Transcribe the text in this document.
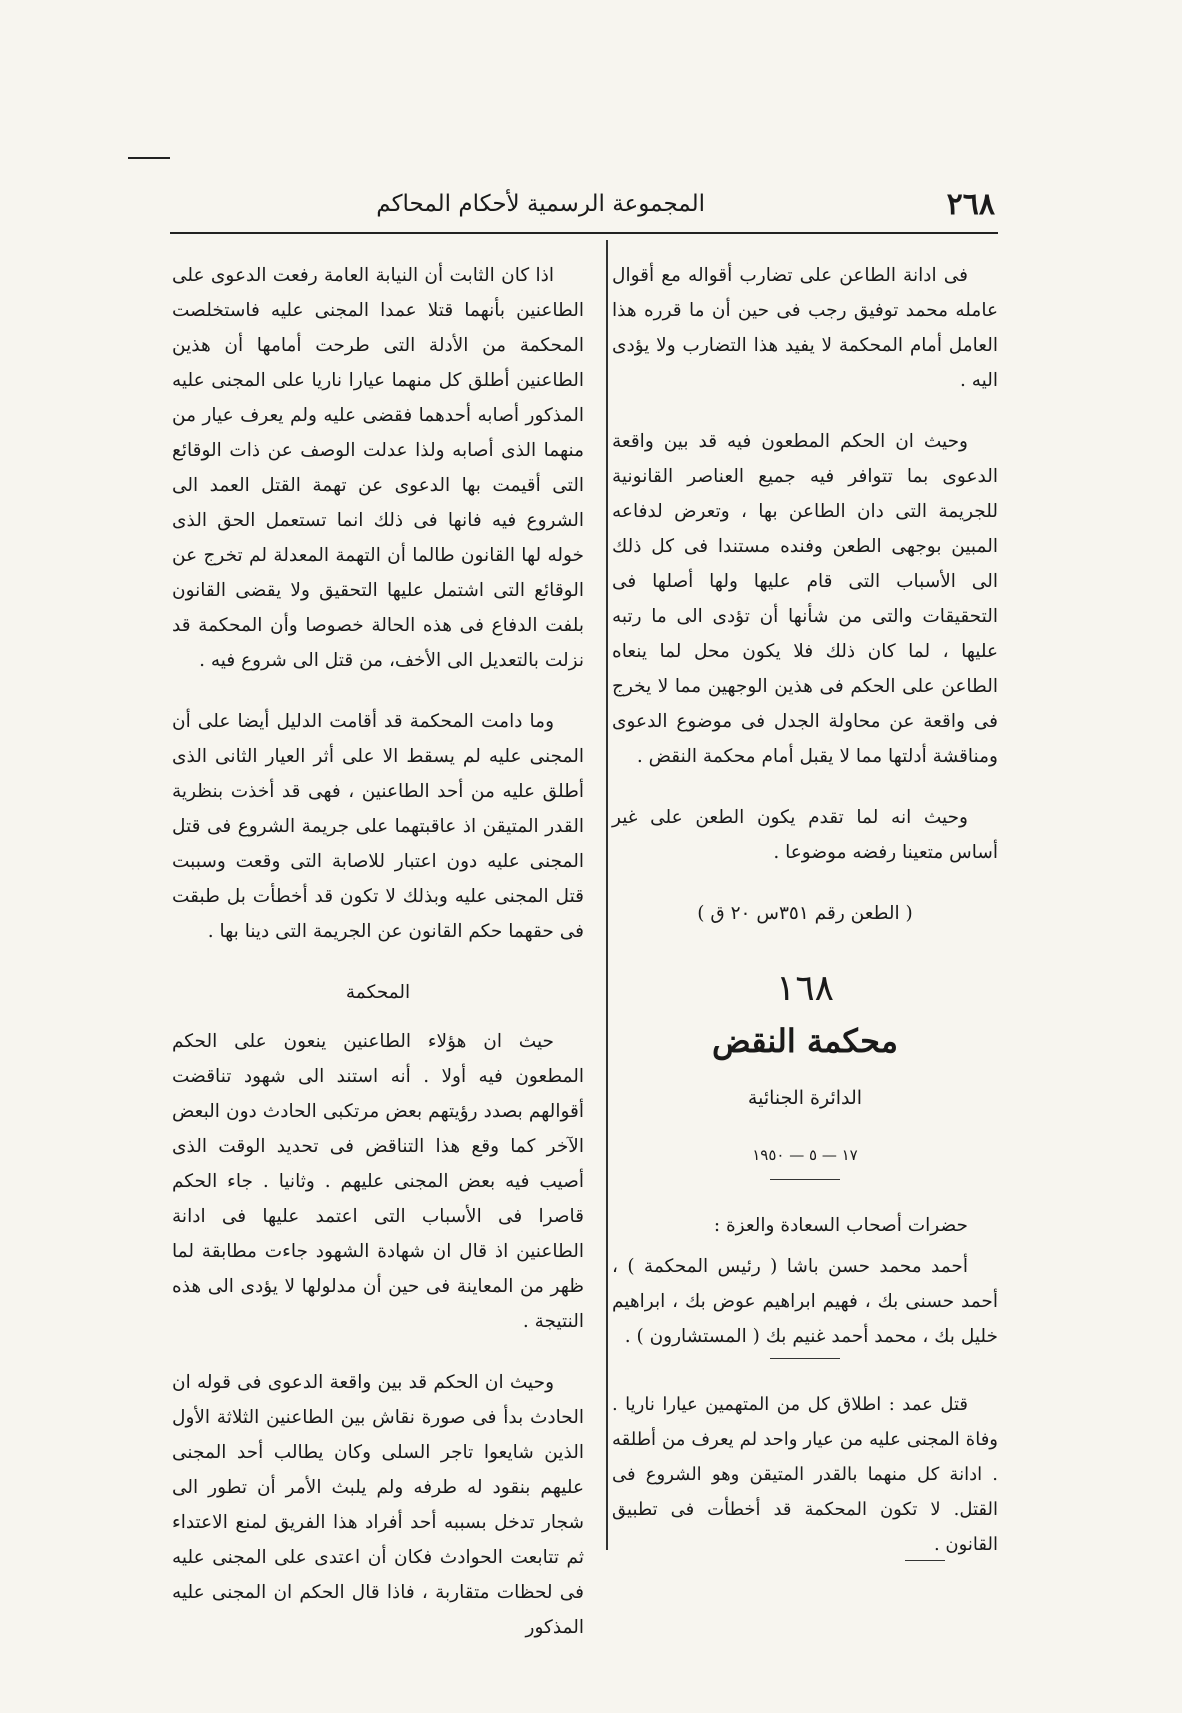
٢٦٨
المجموعة الرسمية لأحكام المحاكم

فى ادانة الطاعن على تضارب أقواله مع أقوال عامله محمد توفيق رجب فى حين أن ما قرره هذا العامل أمام المحكمة لا يفيد هذا التضارب ولا يؤدى اليه .

وحيث ان الحكم المطعون فيه قد بين واقعة الدعوى بما تتوافر فيه جميع العناصر القانونية للجريمة التى دان الطاعن بها ، وتعرض لدفاعه المبين بوجهى الطعن وفنده مستندا فى كل ذلك الى الأسباب التى قام عليها ولها أصلها فى التحقيقات والتى من شأنها أن تؤدى الى ما رتبه عليها ، لما كان ذلك فلا يكون محل لما ينعاه الطاعن على الحكم فى هذين الوجهين مما لا يخرج فى واقعة عن محاولة الجدل فى موضوع الدعوى ومناقشة أدلتها مما لا يقبل أمام محكمة النقض .

وحيث انه لما تقدم يكون الطعن على غير أساس متعينا رفضه موضوعا .

( الطعن رقم ٣٥١س ٢٠ ق )

١٦٨
محكمة النقض
الدائرة الجنائية
١٧ — ٥ — ١٩٥٠

حضرات أصحاب السعادة والعزة :

أحمد محمد حسن باشا ( رئيس المحكمة ) ، أحمد حسنى بك ، فهيم ابراهيم عوض بك ، ابراهيم خليل بك ، محمد أحمد غنيم بك ( المستشارون ) .

قتل عمد : اطلاق كل من المتهمين عيارا ناريا . وفاة المجنى عليه من عيار واحد لم يعرف من أطلقه . ادانة كل منهما بالقدر المتيقن وهو الشروع فى القتل. لا تكون المحكمة قد أخطأت فى تطبيق القانون .

اذا كان الثابت أن النيابة العامة رفعت الدعوى على الطاعنين بأنهما قتلا عمدا المجنى عليه فاستخلصت المحكمة من الأدلة التى طرحت أمامها أن هذين الطاعنين أطلق كل منهما عيارا ناريا على المجنى عليه المذكور أصابه أحدهما فقضى عليه ولم يعرف عيار من منهما الذى أصابه ولذا عدلت الوصف عن ذات الوقائع التى أقيمت بها الدعوى عن تهمة القتل العمد الى الشروع فيه فانها فى ذلك انما تستعمل الحق الذى خوله لها القانون طالما أن التهمة المعدلة لم تخرج عن الوقائع التى اشتمل عليها التحقيق ولا يقضى القانون بلفت الدفاع فى هذه الحالة خصوصا وأن المحكمة قد نزلت بالتعديل الى الأخف، من قتل الى شروع فيه .

وما دامت المحكمة قد أقامت الدليل أيضا على أن المجنى عليه لم يسقط الا على أثر العيار الثانى الذى أطلق عليه من أحد الطاعنين ، فهى قد أخذت بنظرية القدر المتيقن اذ عاقبتهما على جريمة الشروع فى قتل المجنى عليه دون اعتبار للاصابة التى وقعت وسببت قتل المجنى عليه وبذلك لا تكون قد أخطأت بل طبقت فى حقهما حكم القانون عن الجريمة التى دينا بها .

المحكمة

حيث ان هؤلاء الطاعنين ينعون على الحكم المطعون فيه أولا . أنه استند الى شهود تناقضت أقوالهم بصدد رؤيتهم بعض مرتكبى الحادث دون البعض الآخر كما وقع هذا التناقض فى تحديد الوقت الذى أصيب فيه بعض المجنى عليهم . وثانيا . جاء الحكم قاصرا فى الأسباب التى اعتمد عليها فى ادانة الطاعنين اذ قال ان شهادة الشهود جاءت مطابقة لما ظهر من المعاينة فى حين أن مدلولها لا يؤدى الى هذه النتيجة .

وحيث ان الحكم قد بين واقعة الدعوى فى قوله ان الحادث بدأ فى صورة نقاش بين الطاعنين الثلاثة الأول الذين شايعوا تاجر السلى وكان يطالب أحد المجنى عليهم بنقود له طرفه ولم يلبث الأمر أن تطور الى شجار تدخل بسببه أحد أفراد هذا الفريق لمنع الاعتداء ثم تتابعت الحوادث فكان أن اعتدى على المجنى عليه فى لحظات متقاربة ، فاذا قال الحكم ان المجنى عليه المذكور
